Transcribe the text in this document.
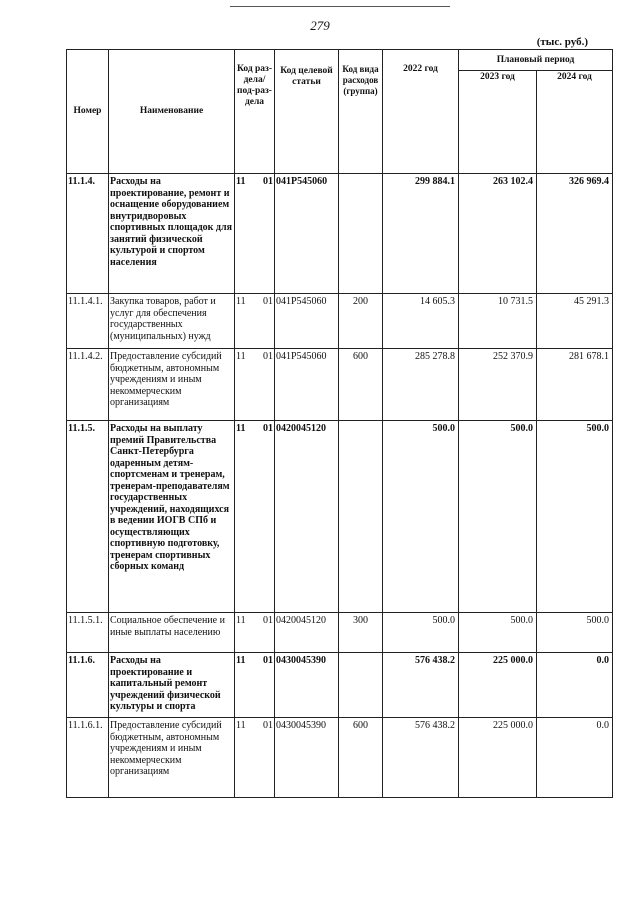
279
(тыс. руб.)
Номер	Наименование	Код раз-дела/ под-раз-дела	Код целевой статьи	Код вида расходов (группа)	2022 год	Плановый период	
						2023 год	2024 год
11.1.4.	Расходы на проектирование, ремонт и оснащение оборудованием внутридворовых спортивных площадок для занятий физической культурой и спортом населения	11 01	041Р545060		299 884.1	263 102.4	326 969.4
11.1.4.1.	Закупка товаров, работ и услуг для обеспечения государственных (муниципальных) нужд	11 01	041Р545060	200	14 605.3	10 731.5	45 291.3
11.1.4.2.	Предоставление субсидий бюджетным, автономным учреждениям и иным некоммерческим организациям	11 01	041Р545060	600	285 278.8	252 370.9	281 678.1
11.1.5.	Расходы на выплату премий Правительства Санкт-Петербурга одаренным детям-спортсменам и тренерам, тренерам-преподавателям государственных учреждений, находящихся в ведении ИОГВ СПб и осуществляющих спортивную подготовку, тренерам спортивных сборных команд	11 01	0420045120		500.0	500.0	500.0
11.1.5.1.	Социальное обеспечение и иные выплаты населению	11 01	0420045120	300	500.0	500.0	500.0
11.1.6.	Расходы на проектирование и капитальный ремонт учреждений физической культуры и спорта	11 01	0430045390		576 438.2	225 000.0	0.0
11.1.6.1.	Предоставление субсидий бюджетным, автономным учреждениям и иным некоммерческим организациям	11 01	0430045390	600	576 438.2	225 000.0	0.0
